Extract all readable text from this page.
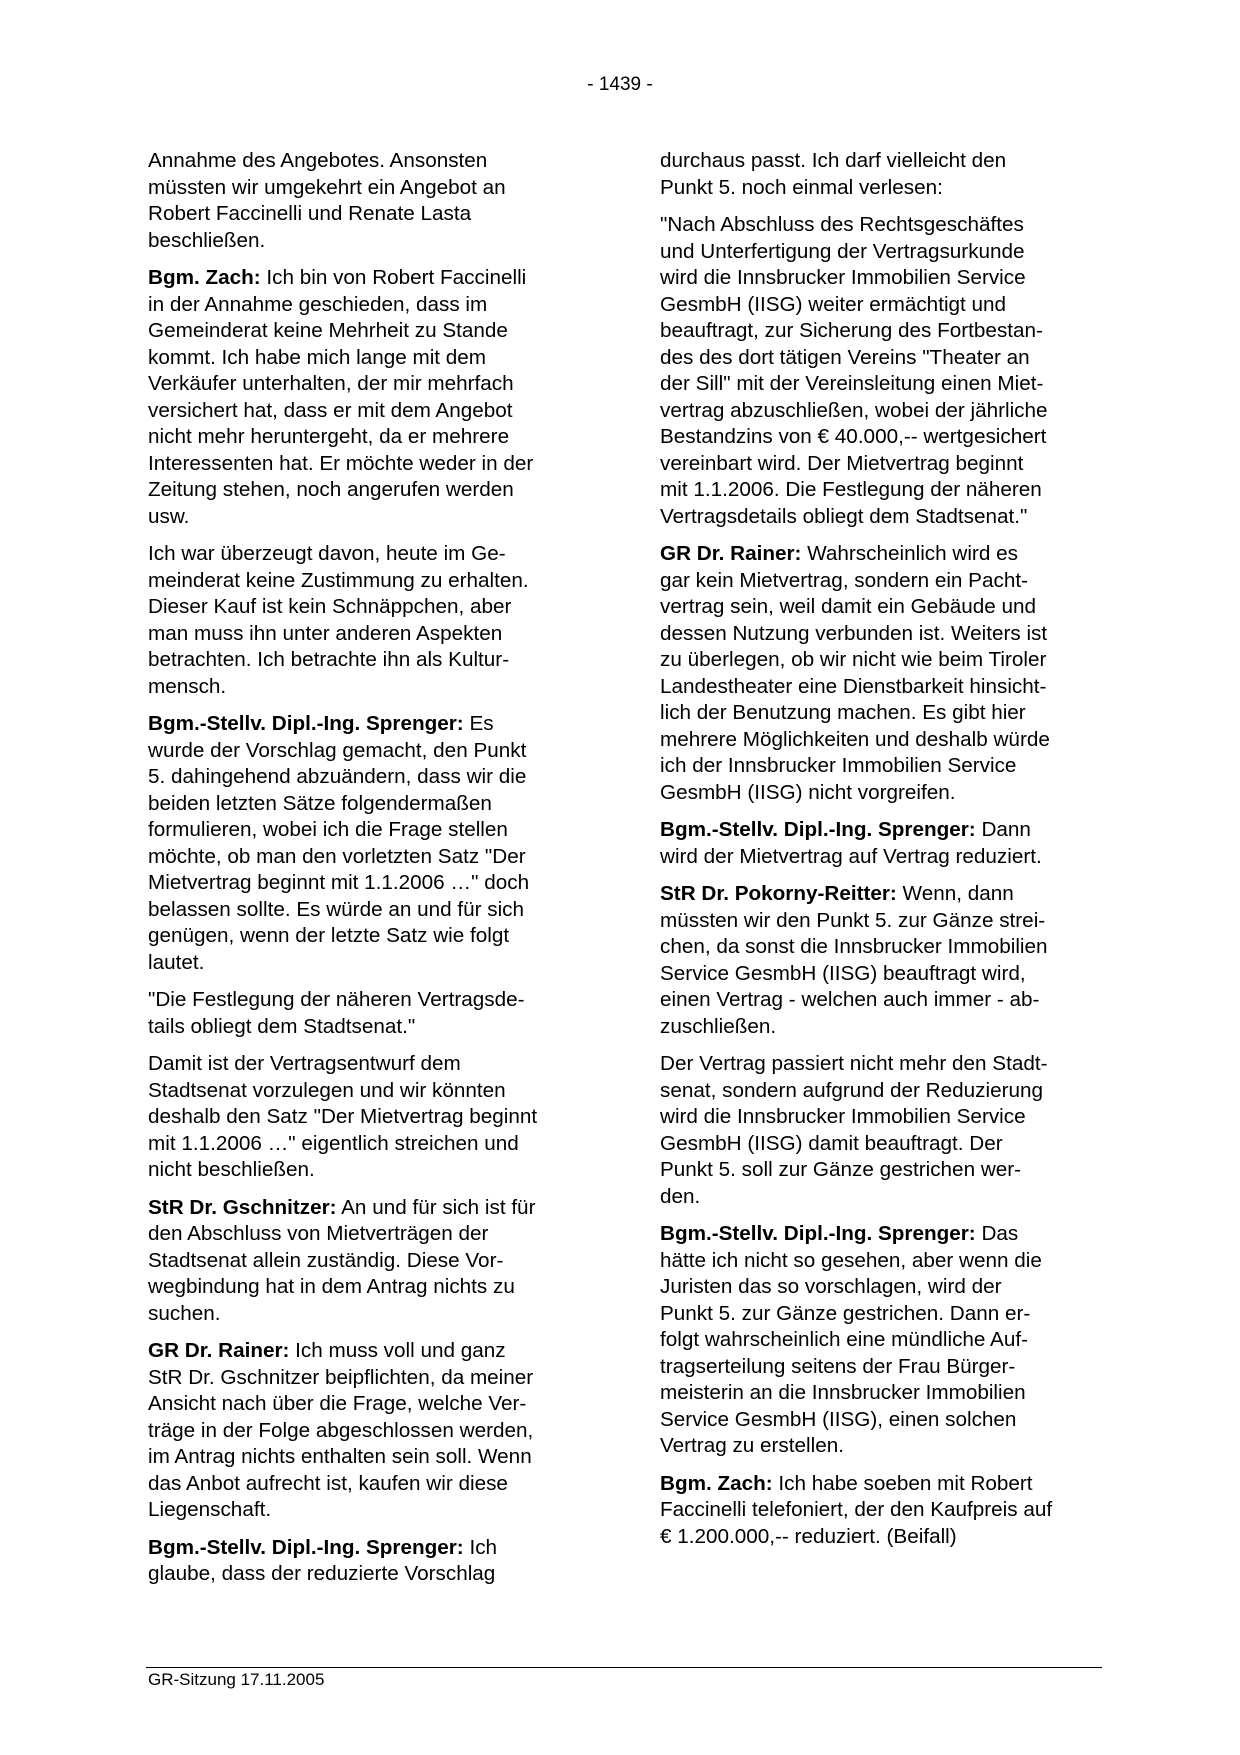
- 1439 -

Annahme des Angebotes. Ansonsten
müssten wir umgekehrt ein Angebot an
Robert Faccinelli und Renate Lasta
beschließen.

Bgm. Zach: Ich bin von Robert Faccinelli
in der Annahme geschieden, dass im
Gemeinderat keine Mehrheit zu Stande
kommt. Ich habe mich lange mit dem
Verkäufer unterhalten, der mir mehrfach
versichert hat, dass er mit dem Angebot
nicht mehr heruntergeht, da er mehrere
Interessenten hat. Er möchte weder in der
Zeitung stehen, noch angerufen werden
usw.

Ich war überzeugt davon, heute im Ge-
meinderat keine Zustimmung zu erhalten.
Dieser Kauf ist kein Schnäppchen, aber
man muss ihn unter anderen Aspekten
betrachten. Ich betrachte ihn als Kultur-
mensch.

Bgm.-Stellv. Dipl.-Ing. Sprenger: Es
wurde der Vorschlag gemacht, den Punkt
5. dahingehend abzuändern, dass wir die
beiden letzten Sätze folgendermaßen
formulieren, wobei ich die Frage stellen
möchte, ob man den vorletzten Satz "Der
Mietvertrag beginnt mit 1.1.2006 …" doch
belassen sollte. Es würde an und für sich
genügen, wenn der letzte Satz wie folgt
lautet.

"Die Festlegung der näheren Vertragsde-
tails obliegt dem Stadtsenat."

Damit ist der Vertragsentwurf dem
Stadtsenat vorzulegen und wir könnten
deshalb den Satz "Der Mietvertrag beginnt
mit 1.1.2006 …" eigentlich streichen und
nicht beschließen.

StR Dr. Gschnitzer: An und für sich ist für
den Abschluss von Mietverträgen der
Stadtsenat allein zuständig. Diese Vor-
wegbindung hat in dem Antrag nichts zu
suchen.

GR Dr. Rainer: Ich muss voll und ganz
StR Dr. Gschnitzer beipflichten, da meiner
Ansicht nach über die Frage, welche Ver-
träge in der Folge abgeschlossen werden,
im Antrag nichts enthalten sein soll. Wenn
das Anbot aufrecht ist, kaufen wir diese
Liegenschaft.

Bgm.-Stellv. Dipl.-Ing. Sprenger: Ich
glaube, dass der reduzierte Vorschlag

durchaus passt. Ich darf vielleicht den
Punkt 5. noch einmal verlesen:

"Nach Abschluss des Rechtsgeschäftes
und Unterfertigung der Vertragsurkunde
wird die Innsbrucker Immobilien Service
GesmbH (IISG) weiter ermächtigt und
beauftragt, zur Sicherung des Fortbestan-
des des dort tätigen Vereins "Theater an
der Sill" mit der Vereinsleitung einen Miet-
vertrag abzuschließen, wobei der jährliche
Bestandzins von € 40.000,-- wertgesichert
vereinbart wird. Der Mietvertrag beginnt
mit 1.1.2006. Die Festlegung der näheren
Vertragsdetails obliegt dem Stadtsenat."

GR Dr. Rainer: Wahrscheinlich wird es
gar kein Mietvertrag, sondern ein Pacht-
vertrag sein, weil damit ein Gebäude und
dessen Nutzung verbunden ist. Weiters ist
zu überlegen, ob wir nicht wie beim Tiroler
Landestheater eine Dienstbarkeit hinsicht-
lich der Benutzung machen. Es gibt hier
mehrere Möglichkeiten und deshalb würde
ich der Innsbrucker Immobilien Service
GesmbH (IISG) nicht vorgreifen.

Bgm.-Stellv. Dipl.-Ing. Sprenger: Dann
wird der Mietvertrag auf Vertrag reduziert.

StR Dr. Pokorny-Reitter: Wenn, dann
müssten wir den Punkt 5. zur Gänze strei-
chen, da sonst die Innsbrucker Immobilien
Service GesmbH (IISG) beauftragt wird,
einen Vertrag - welchen auch immer - ab-
zuschließen.

Der Vertrag passiert nicht mehr den Stadt-
senat, sondern aufgrund der Reduzierung
wird die Innsbrucker Immobilien Service
GesmbH (IISG) damit beauftragt. Der
Punkt 5. soll zur Gänze gestrichen wer-
den.

Bgm.-Stellv. Dipl.-Ing. Sprenger: Das
hätte ich nicht so gesehen, aber wenn die
Juristen das so vorschlagen, wird der
Punkt 5. zur Gänze gestrichen. Dann er-
folgt wahrscheinlich eine mündliche Auf-
tragserteilung seitens der Frau Bürger-
meisterin an die Innsbrucker Immobilien
Service GesmbH (IISG), einen solchen
Vertrag zu erstellen.

Bgm. Zach: Ich habe soeben mit Robert
Faccinelli telefoniert, der den Kaufpreis auf
€ 1.200.000,-- reduziert. (Beifall)

GR-Sitzung 17.11.2005
